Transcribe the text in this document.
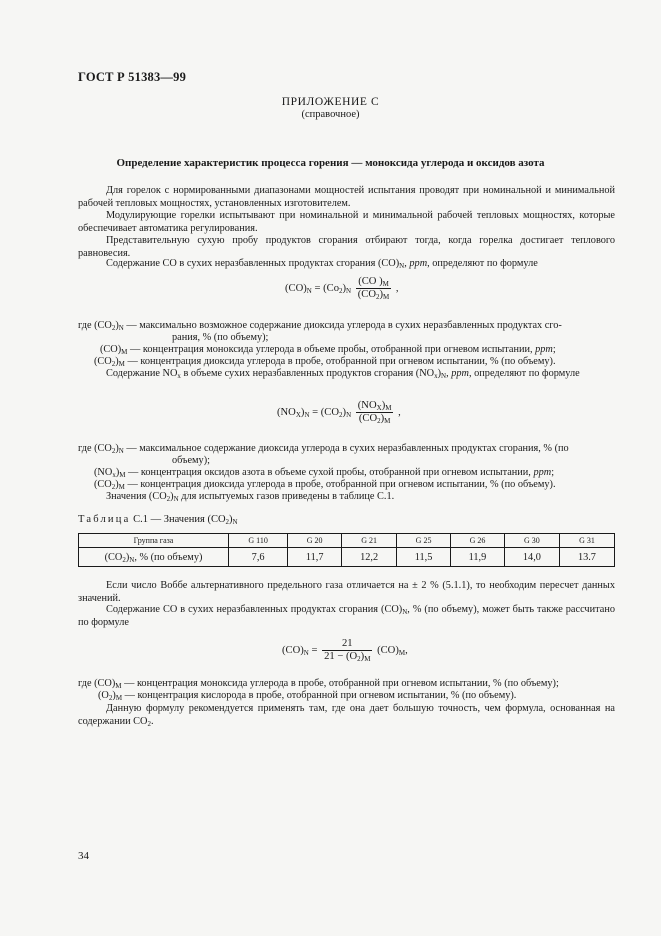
ГОСТ Р 51383—99
ПРИЛОЖЕНИЕ С
(справочное)
Определение характеристик процесса горения — моноксида углерода и оксидов азота
Для горелок с нормированными диапазонами мощностей испытания проводят при номинальной и минимальной рабочей тепловых мощностях, установленных изготовителем.
Модулирующие горелки испытывают при номинальной и минимальной рабочей тепловых мощностях, которые обеспечивает автоматика регулирования.
Представительную сухую пробу продуктов сгорания отбирают тогда, когда горелка достигает теплового равновесия.
Содержание CO в сухих неразбавленных продуктах сгорания $(CO)_N$, ppm, определяют по формуле
$(CO)_N = (Co_2)_N \frac{(CO )_M}{(CO_2)_M}$ ,
где $(CO_2)_N$ — максимально возможное содержание диоксида углерода в сухих неразбавленных продуктах сго-
рания, % (по объему);
$(CO)_M$ — концентрация моноксида углерода в объеме пробы, отобранной при огневом испытании, ppm;
$(CO_2)_M$ — концентрация диоксида углерода в пробе, отобранной при огневом испытании, % (по объему).
Содержание $NO_x$ в объеме сухих неразбавленных продуктов сгорания $(NO_x)_N$, ppm, определяют по формуле
$(NO_X)_N = (CO_2)_N \frac{(NO_X)_M}{(CO_2)_M}$ ,
где $(CO_2)_N$ — максимальное содержание диоксида углерода в сухих неразбавленных продуктах сгорания, % (по
объему);
$(NO_x)_M$ — концентрация оксидов азота в объеме сухой пробы, отобранной при огневом испытании, ppm;
$(CO_2)_M$ — концентрация диоксида углерода в пробе, отобранной при огневом испытании, % (по объему).
Значения $(CO_2)_N$ для испытуемых газов приведены в таблице С.1.
Таблица С.1 — Значения $(CO_2)_N$
Группа газа	G 110	G 20	G 21	G 25	G 26	G 30	G 31
$(CO_2)_N$, % (по объему)	7,6	11,7	12,2	11,5	11,9	14,0	13.7
Если число Воббе альтернативного предельного газа отличается на ± 2 % (5.1.1), то необходим пересчет данных значений.
Содержание CO в сухих неразбавленных продуктах сгорания $(CO)_N$, % (по объему), может быть также рассчитано по формуле
$(CO)_N = \frac{21}{21 - (O_2)_M} (CO)_M$,
где $(CO)_M$ — концентрация моноксида углерода в пробе, отобранной при огневом испытании, % (по объему);
$(O_2)_M$ — концентрация кислорода в пробе, отобранной при огневом испытании, % (по объему).
Данную формулу рекомендуется применять там, где она дает большую точность, чем формула, основанная на содержании $CO_2$.
34
